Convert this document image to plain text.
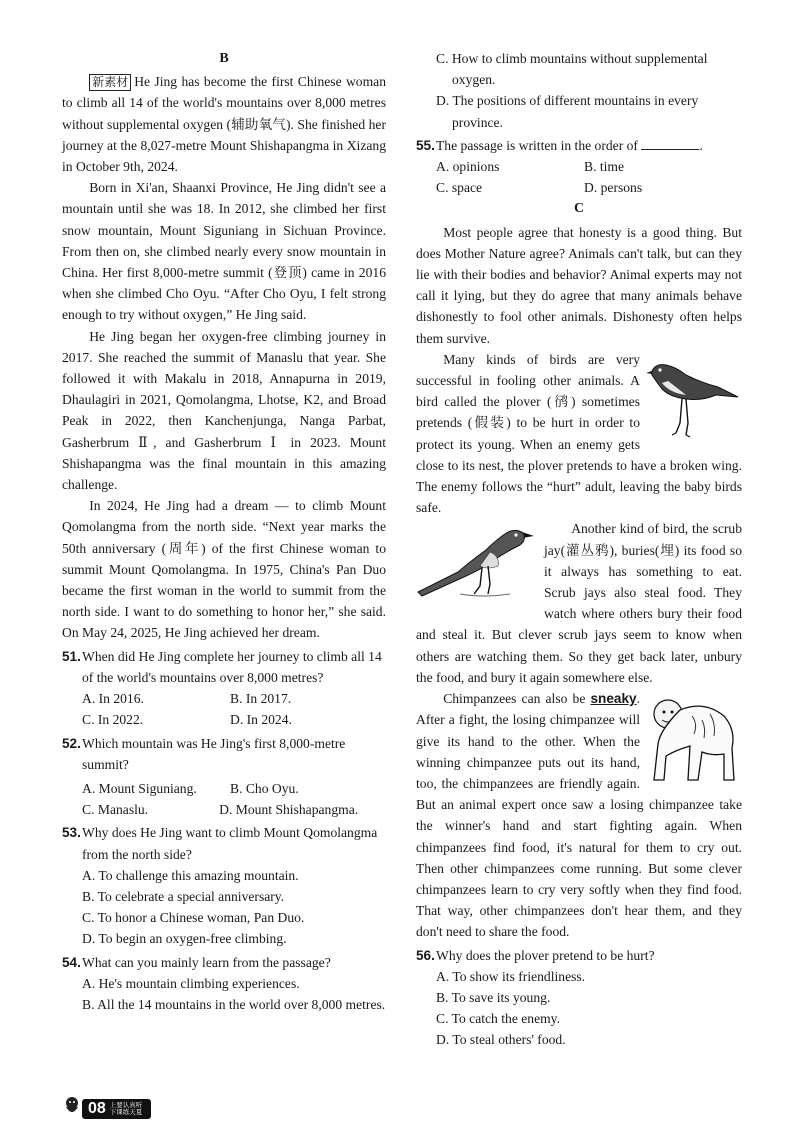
B

新素材 He Jing has become the first Chinese woman to climb all 14 of the world's mountains over 8,000 metres without supplemental oxygen (辅助氧气). She finished her journey at the 8,027-metre Mount Shishapangma in Xizang in October 9th, 2024.

Born in Xi'an, Shaanxi Province, He Jing didn't see a mountain until she was 18. In 2012, she climbed her first snow mountain, Mount Siguniang in Sichuan Province. From then on, she climbed nearly every snow mountain in China. Her first 8,000-metre summit (登顶) came in 2016 when she climbed Cho Oyu. “After Cho Oyu, I felt strong enough to try without oxygen,” He Jing said.

He Jing began her oxygen-free climbing journey in 2017. She reached the summit of Manaslu that year. She followed it with Makalu in 2018, Annapurna in 2019, Dhaulagiri in 2021, Qomolangma, Lhotse, K2, and Broad Peak in 2022, then Kanchenjunga, Nanga Parbat, Gasherbrum Ⅱ, and Gasherbrum Ⅰ in 2023. Mount Shishapangma was the final mountain in this amazing challenge.

In 2024, He Jing had a dream — to climb Mount Qomolangma from the north side. “Next year marks the 50th anniversary (周年) of the first Chinese woman to summit Mount Qomolangma. In 1975, China's Pan Duo became the first woman in the world to summit from the north side. I want to do something to honor her,” she said. On May 24, 2025, He Jing achieved her dream.

51. When did He Jing complete her journey to climb all 14 of the world's mountains over 8,000 metres?
A. In 2016.	B. In 2017.
C. In 2022.	D. In 2024.
52. Which mountain was He Jing's first 8,000-metre summit?
A. Mount Siguniang.	B. Cho Oyu.
C. Manaslu.	D. Mount Shishapangma.
53. Why does He Jing want to climb Mount Qomolangma from the north side?
A. To challenge this amazing mountain.
B. To celebrate a special anniversary.
C. To honor a Chinese woman, Pan Duo.
D. To begin an oxygen-free climbing.
54. What can you mainly learn from the passage?
A. He's mountain climbing experiences.
B. All the 14 mountains in the world over 8,000 metres.
C. How to climb mountains without supplemental oxygen.
D. The positions of different mountains in every province.
55. The passage is written in the order of	.
A. opinions	B. time
C. space	D. persons
C

Most people agree that honesty is a good thing. But does Mother Nature agree? Animals can't talk, but can they lie with their bodies and behavior? Animal experts may not call it lying, but they do agree that many animals behave dishonestly to fool other animals. Dishonesty often helps them survive.

Many kinds of birds are very successful in fooling other animals. A bird called the plover (鸻) sometimes pretends (假装) to be hurt in order to protect its young. When an enemy gets close to its nest, the plover pretends to have a broken wing. The enemy follows the “hurt” adult, leaving the baby birds safe.

Another kind of bird, the scrub jay(灌丛鸦), buries(埋) its food so it always has something to eat. Scrub jays also steal food. They watch where others bury their food and steal it. But clever scrub jays seem to know when others are watching them. So they get back later, unbury the food, and bury it again somewhere else.

Chimpanzees can also be sneaky. After a fight, the losing chimpanzee will give its hand to the other. When the winning chimpanzee puts out its hand, too, the chimpanzees are friendly again. But an animal expert once saw a losing chimpanzee take the winner's hand and start fighting again. When chimpanzees find food, it's natural for them to cry out. Then other chimpanzees come running. But some clever chimpanzees learn to cry very softly when they find food. That way, other chimpanzees don't hear them, and they don't need to share the food.

56. Why does the plover pretend to be hurt?
A. To show its friendliness.
B. To save its young.
C. To catch the enemy.
D. To steal others' food.
08 上要认真听
下课练天夏
